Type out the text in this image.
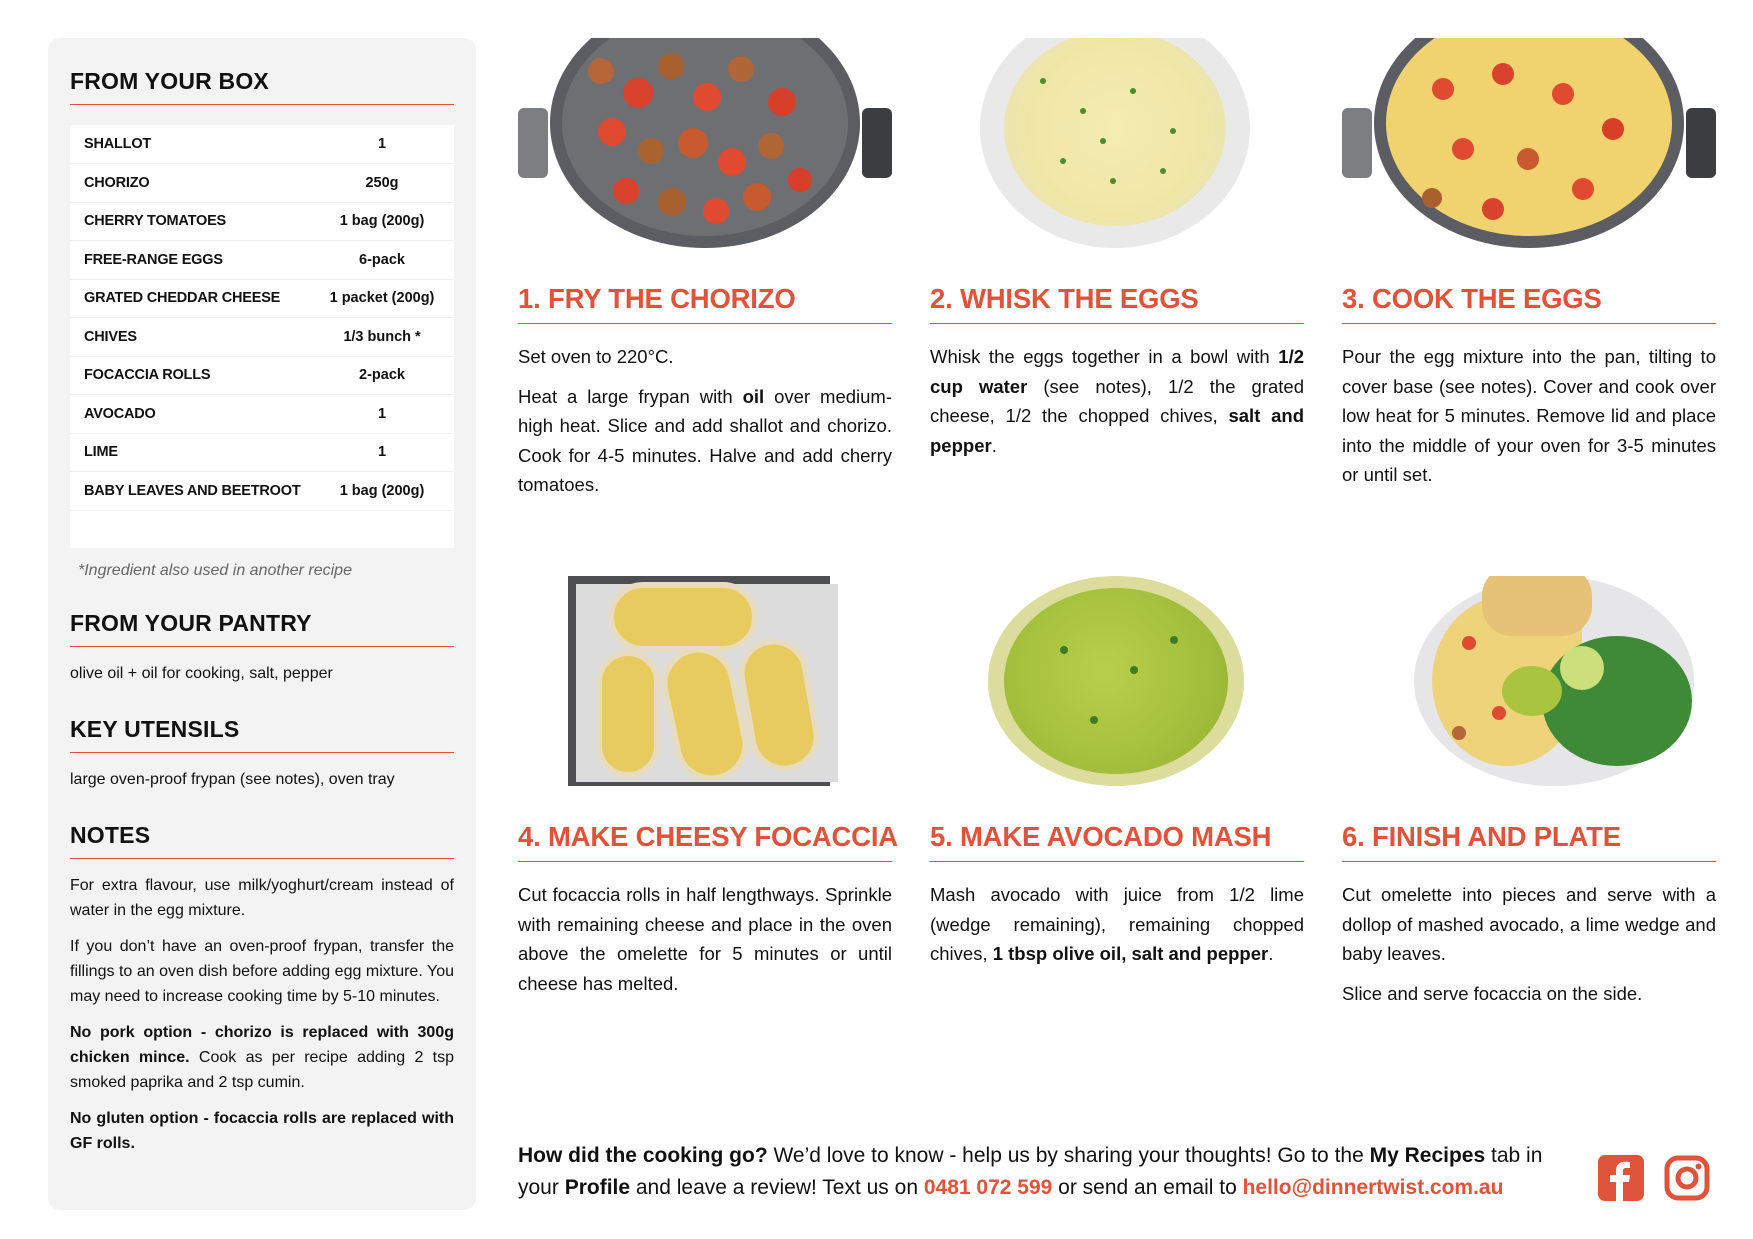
FROM YOUR BOX
SHALLOT	1
CHORIZO	250g
CHERRY TOMATOES	1 bag (200g)
FREE-RANGE EGGS	6-pack
GRATED CHEDDAR CHEESE	1 packet (200g)
CHIVES	1/3 bunch *
FOCACCIA ROLLS	2-pack
AVOCADO	1
LIME	1
BABY LEAVES AND BEETROOT	1 bag (200g)

*Ingredient also used in another recipe
FROM YOUR PANTRY

olive oil + oil for cooking, salt, pepper

KEY UTENSILS

large oven-proof frypan (see notes), oven tray

NOTES

For extra flavour, use milk/yoghurt/cream instead of water in the egg mixture.

If you don’t have an oven-proof frypan, transfer the fillings to an oven dish before adding egg mixture. You may need to increase cooking time by 5-10 minutes.

No pork option - chorizo is replaced with 300g chicken mince. Cook as per recipe adding 2 tsp smoked paprika and 2 tsp cumin.

No gluten option - focaccia rolls are replaced with GF rolls.

1. FRY THE CHORIZO

Set oven to 220°C.

Heat a large frypan with oil over medium-high heat. Slice and add shallot and chorizo. Cook for 4-5 minutes. Halve and add cherry tomatoes.

2. WHISK THE EGGS

Whisk the eggs together in a bowl with 1/2 cup water (see notes), 1/2 the grated cheese, 1/2 the chopped chives, salt and pepper.

3. COOK THE EGGS

Pour the egg mixture into the pan, tilting to cover base (see notes). Cover and cook over low heat for 5 minutes. Remove lid and place into the middle of your oven for 3-5 minutes or until set.

4. MAKE CHEESY FOCACCIA

Cut focaccia rolls in half lengthways. Sprinkle with remaining cheese and place in the oven above the omelette for 5 minutes or until cheese has melted.

5. MAKE AVOCADO MASH

Mash avocado with juice from 1/2 lime (wedge remaining), remaining chopped chives, 1 tbsp olive oil, salt and pepper.

6. FINISH AND PLATE

Cut omelette into pieces and serve with a dollop of mashed avocado, a lime wedge and baby leaves.

Slice and serve focaccia on the side.

How did the cooking go? We’d love to know - help us by sharing your thoughts! Go to the My Recipes tab in your Profile and leave a review! Text us on 0481 072 599 or send an email to hello@dinnertwist.com.au
